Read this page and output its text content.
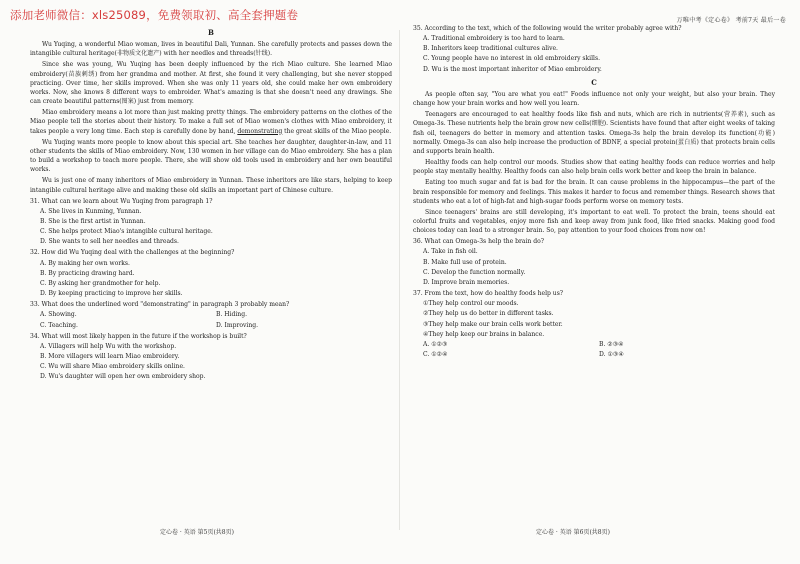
添加老师微信：xls25089，免费领取初、高全套押题卷	万唯中考《定心卷》 考前7天 最后一卷
B

Wu Yuqing, a wonderful Miao woman, lives in beautiful Dali, Yunnan. She carefully protects and passes down the intangible cultural heritage(非物质文化遗产) with her needles and threads(针线).

Since she was young, Wu Yuqing has been deeply influenced by the rich Miao culture. She learned Miao embroidery(苗族刺绣) from her grandma and mother. At first, she found it very challenging, but she never stopped practicing. Over time, her skills improved. When she was only 11 years old, she could make her own embroidery works. Now, she knows 8 different ways to embroider. What's amazing is that she doesn't need any drawings. She can create beautiful patterns(图案) just from memory.

Miao embroidery means a lot more than just making pretty things. The embroidery patterns on the clothes of the Miao people tell the stories about their history. To make a full set of Miao women's clothes with Miao embroidery, it takes people a very long time. Each step is carefully done by hand, demonstrating the great skills of the Miao people.

Wu Yuqing wants more people to know about this special art. She teaches her daughter, daughter-in-law, and 11 other students the skills of Miao embroidery. Now, 130 women in her village can do Miao embroidery. She has a plan to build a workshop to teach more people. There, she will show old tools used in embroidery and her own beautiful works.

Wu is just one of many inheritors of Miao embroidery in Yunnan. These inheritors are like stars, helping to keep intangible cultural heritage alive and making these old skills an important part of Chinese culture.

31. What can we learn about Wu Yuqing from paragraph 1?
A. She lives in Kunming, Yunnan.
B. She is the first artist in Yunnan.
C. She helps protect Miao's intangible cultural heritage.
D. She wants to sell her needles and threads.
32. How did Wu Yuqing deal with the challenges at the beginning?
A. By making her own works.
B. By practicing drawing hard.
C. By asking her grandmother for help.
D. By keeping practicing to improve her skills.
33. What does the underlined word "demonstrating" in paragraph 3 probably mean?
A. Showing.	B. Hiding.
C. Teaching.	D. Improving.
34. What will most likely happen in the future if the workshop is built?
A. Villagers will help Wu with the workshop.
B. More villagers will learn Miao embroidery.
C. Wu will share Miao embroidery skills online.
D. Wu's daughter will open her own embroidery shop.
定心卷 · 英语 第5页(共8页)
35. According to the text, which of the following would the writer probably agree with?
A. Traditional embroidery is too hard to learn.
B. Inheritors keep traditional cultures alive.
C. Young people have no interest in old embroidery skills.
D. Wu is the most important inheritor of Miao embroidery.
C

As people often say, "You are what you eat!" Foods influence not only your weight, but also your brain. They change how your brain works and how well you learn.

Teenagers are encouraged to eat healthy foods like fish and nuts, which are rich in nutrients(营养素), such as Omega-3s. These nutrients help the brain grow new cells(细胞). Scientists have found that after eight weeks of taking fish oil, teenagers do better in memory and attention tasks. Omega-3s help the brain develop its function(功能) normally. Omega-3s can also help increase the production of BDNF, a special protein(蛋白质) that protects brain cells and supports brain health.

Healthy foods can help control our moods. Studies show that eating healthy foods can reduce worries and help people stay mentally healthy. Healthy foods can also help brain cells work better and keep the brain in balance.

Eating too much sugar and fat is bad for the brain. It can cause problems in the hippocampus—the part of the brain responsible for memory and feelings. This makes it harder to focus and remember things. Research shows that students who eat a lot of high-fat and high-sugar foods perform worse on memory tests.

Since teenagers' brains are still developing, it's important to eat well. To protect the brain, teens should eat colorful fruits and vegetables, enjoy more fish and keep away from junk food, like fried snacks. Making good food choices today can lead to a stronger brain. So, pay attention to your food choices from now on!

36. What can Omega-3s help the brain do?
A. Take in fish oil.
B. Make full use of protein.
C. Develop the function normally.
D. Improve brain memories.
37. From the text, how do healthy foods help us?
①They help control our moods.
②They help us do better in different tasks.
③They help make our brain cells work better.
④They help keep our brains in balance.
A. ①②③	B. ②③④
C. ①②④	D. ①③④
定心卷 · 英语 第6页(共8页)
